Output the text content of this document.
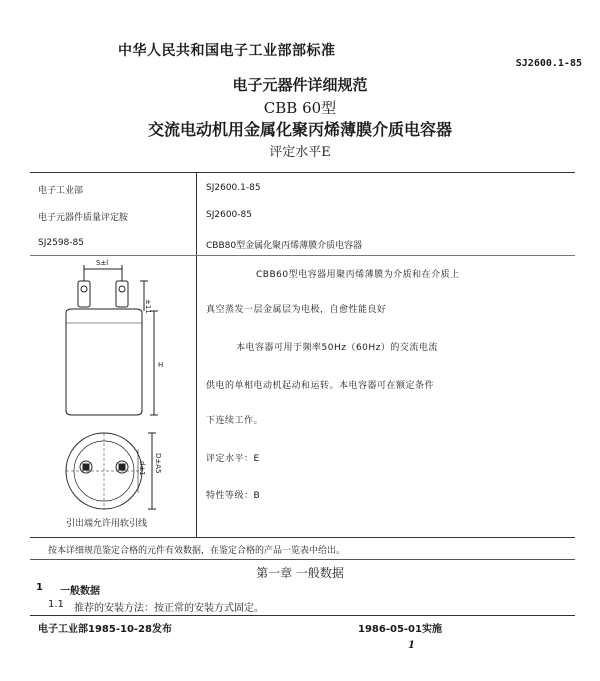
中华人民共和国电子工业部部标准
SJ2600.1-85
电子元器件详细规范
CBB 60型
交流电动机用金属化聚丙烯薄膜介质电容器
评定水平E
电子工业部	SJ2600.1-85
电子元器件质量评定胺	SJ2600-85
SJ2598-85	CBB80型金属化聚丙烯薄膜介质电容器
S±l
±11
H
D±A5
d±1
引出端允许用软引线
CBB60型电容器用聚丙烯薄膜为介质和在介质上
真空蒸发一层金属层为电极，自愈性能良好
本电容器可用于频率50Hz（60Hz）的交流电流
供电的单相电动机起动和运转。本电容器可在额定条件
下连续工作。
评定水平：E
特性等级：B
按本详细规范鉴定合格的元件有效数据，在鉴定合格的产品一览表中给出。
第一章 一般数据
1 一般数据
1.1 推荐的安装方法：按正常的安装方式固定。
电子工业部1985-10-28发布	1986-05-01实施
1
